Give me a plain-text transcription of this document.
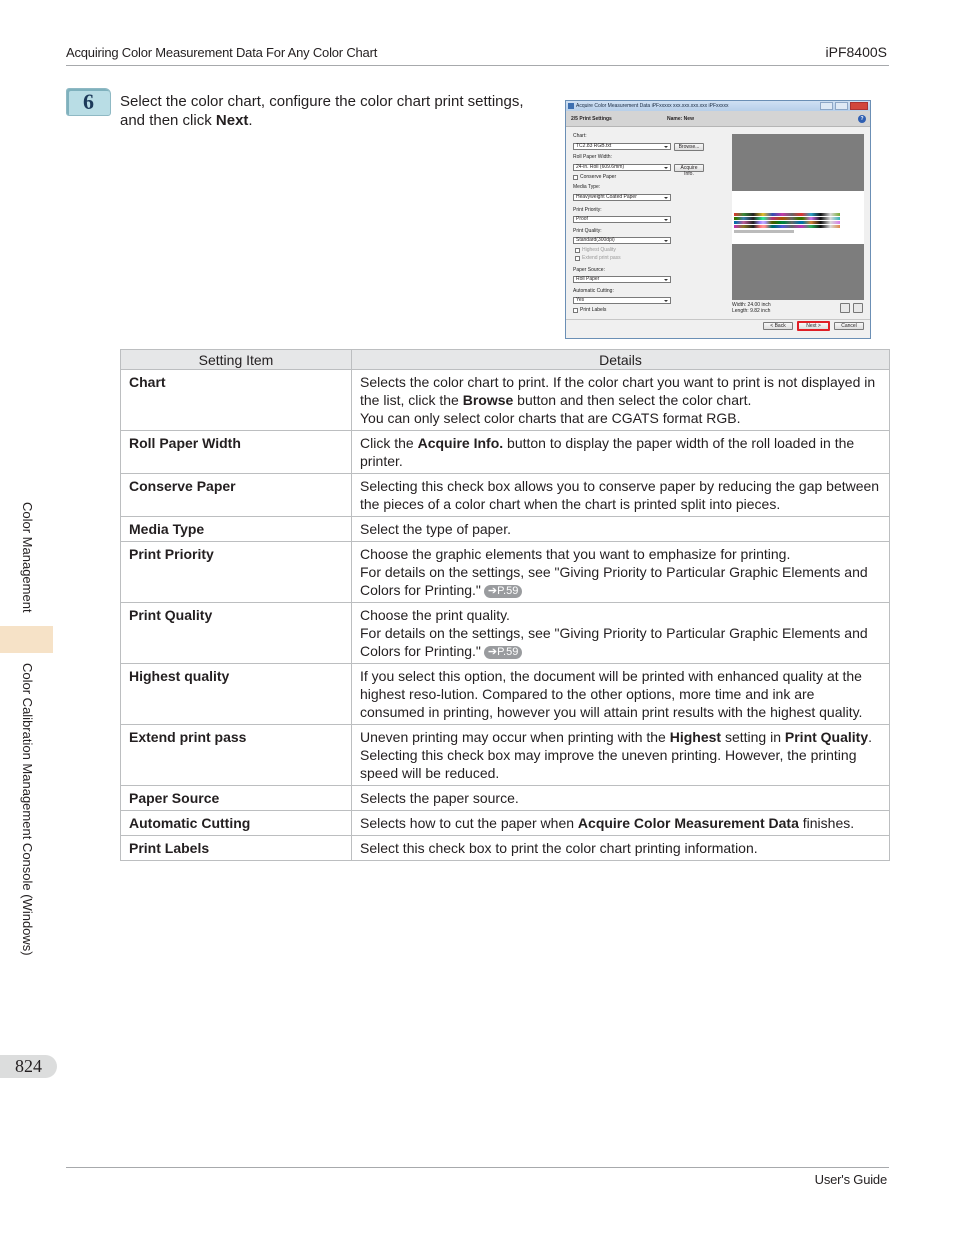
Acquiring Color Measurement Data For Any Color Chart	iPF8400S
6	Select the color chart, configure the color chart print settings, and then click Next.
Acquire Color Measurement Data iPFxxxxx xxx.xxx.xxx.xxx iPFxxxxx
2/5 Print Settings	Name: New	?
Chart:
TC2.83 RGB.txt	Browse...
Roll Paper Width:
24-in. Roll (609.6mm)	Acquire Info.
Conserve Paper
Media Type:
Heavyweight Coated Paper
Print Priority:
Proof
Print Quality:
Standard(300dpi)
Highest Quality
Extend print pass
Paper Source:
Roll Paper
Automatic Cutting:
Yes
Print Labels
Width: 24.00 inch
Length: 9.82 inch
< Back	Next >	Cancel
Setting Item	Details
Chart	Selects the color chart to print. If the color chart you want to print is not displayed in the list, click the Browse button and then select the color chart.
You can only select color charts that are CGATS format RGB.

Roll Paper Width	Click the Acquire Info. button to display the paper width of the roll loaded in the printer.

Conserve Paper	Selecting this check box allows you to conserve paper by reducing the gap between the pieces of a color chart when the chart is printed split into pieces.

Media Type	Select the type of paper.

Print Priority	Choose the graphic elements that you want to emphasize for printing.
For details on the settings, see "Giving Priority to Particular Graphic Elements and Colors for Printing." ➔P.59

Print Quality	Choose the print quality.
For details on the settings, see "Giving Priority to Particular Graphic Elements and Colors for Printing." ➔P.59

Highest quality	If you select this option, the document will be printed with enhanced quality at the highest reso-lution. Compared to the other options, more time and ink are consumed in printing, however you will attain print results with the highest quality.

Extend print pass	Uneven printing may occur when printing with the Highest setting in Print Quality. Selecting this check box may improve the uneven printing. However, the printing speed will be reduced.

Paper Source	Selects the paper source.

Automatic Cutting	Selects how to cut the paper when Acquire Color Measurement Data finishes.

Print Labels	Select this check box to print the color chart printing information.
Color Management
Color Calibration Management Console (Windows)
824
User's Guide
